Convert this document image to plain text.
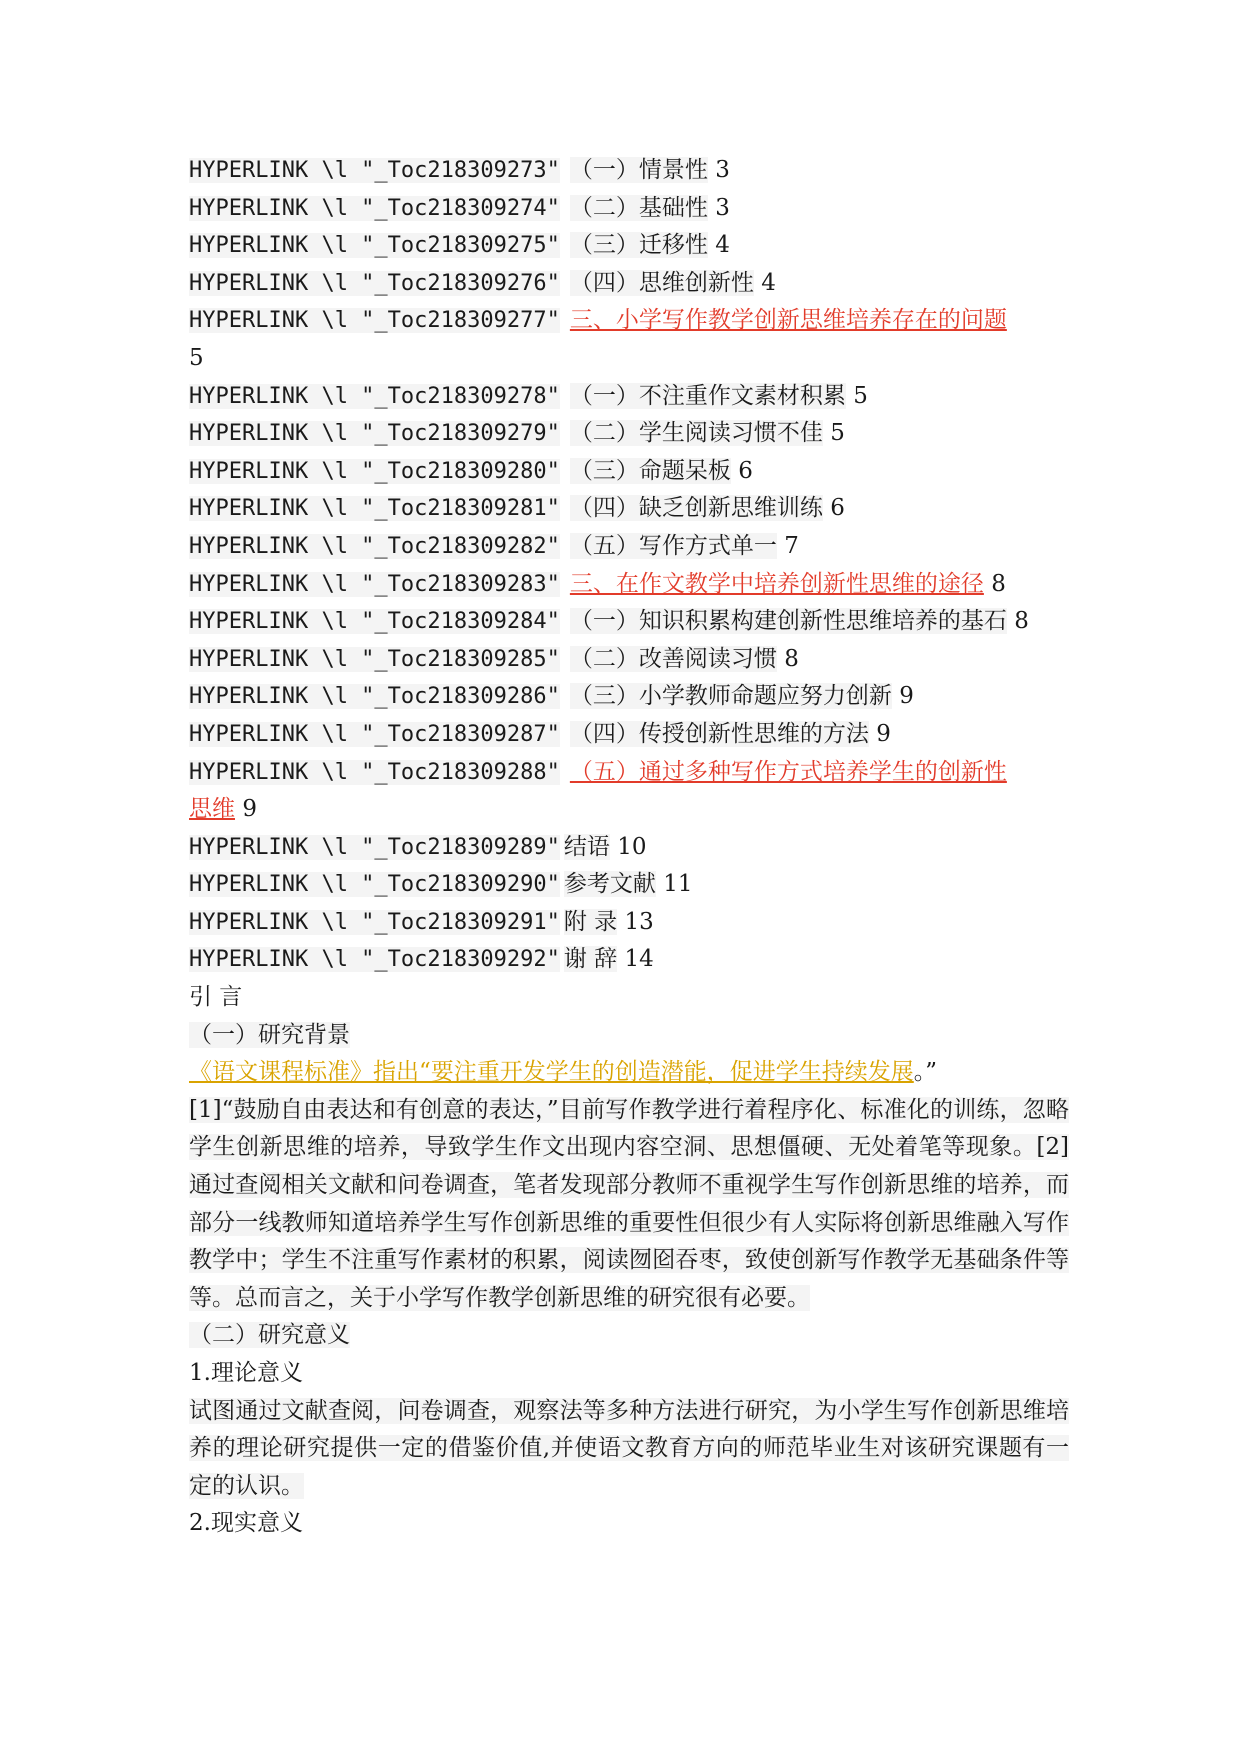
HYPERLINK \l "_Toc218309273" （一）情景性 3
HYPERLINK \l "_Toc218309274" （二）基础性 3
HYPERLINK \l "_Toc218309275" （三）迁移性 4
HYPERLINK \l "_Toc218309276" （四）思维创新性 4
HYPERLINK \l "_Toc218309277" 三、小学写作教学创新思维培养存在的问题
5
HYPERLINK \l "_Toc218309278" （一）不注重作文素材积累 5
HYPERLINK \l "_Toc218309279" （二）学生阅读习惯不佳 5
HYPERLINK \l "_Toc218309280" （三）命题呆板 6
HYPERLINK \l "_Toc218309281" （四）缺乏创新思维训练 6
HYPERLINK \l "_Toc218309282" （五）写作方式单一 7
HYPERLINK \l "_Toc218309283" 三、在作文教学中培养创新性思维的途径 8
HYPERLINK \l "_Toc218309284" （一）知识积累构建创新性思维培养的基石 8
HYPERLINK \l "_Toc218309285" （二）改善阅读习惯 8
HYPERLINK \l "_Toc218309286" （三）小学教师命题应努力创新 9
HYPERLINK \l "_Toc218309287" （四）传授创新性思维的方法 9
HYPERLINK \l "_Toc218309288" （五）通过多种写作方式培养学生的创新性
思维 9
HYPERLINK \l "_Toc218309289" 结语 10
HYPERLINK \l "_Toc218309290" 参考文献 11
HYPERLINK \l "_Toc218309291" 附 录 13
HYPERLINK \l "_Toc218309292" 谢 辞 14
引 言
（一）研究背景
《语文课程标准》指出“要注重开发学生的创造潜能，促进学生持续发展。”
[1]“鼓励自由表达和有创意的表达，”目前写作教学进行着程序化、标准化的训练，忽略学生创新思维的培养，导致学生作文出现内容空洞、思想僵硬、无处着笔等现象。[2]通过查阅相关文献和问卷调查，笔者发现部分教师不重视学生写作创新思维的培养，而部分一线教师知道培养学生写作创新思维的重要性但很少有人实际将创新思维融入写作教学中；学生不注重写作素材的积累，阅读囫囵吞枣，致使创新写作教学无基础条件等等。总而言之，关于小学写作教学创新思维的研究很有必要。
（二）研究意义
1.理论意义
试图通过文献查阅，问卷调查，观察法等多种方法进行研究，为小学生写作创新思维培养的理论研究提供一定的借鉴价值,并使语文教育方向的师范毕业生对该研究课题有一定的认识。
2.现实意义
